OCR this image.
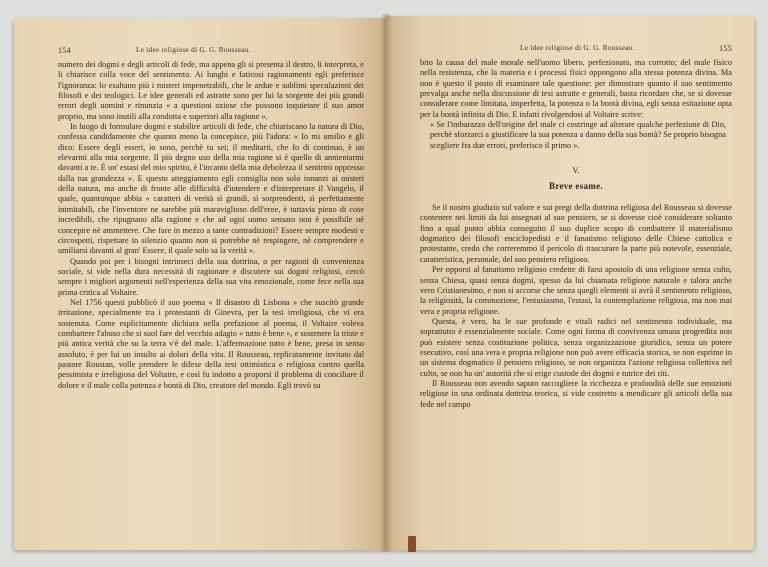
154	Le idee religiose di G. G. Rousseau.

numero dei dogmi e degli articoli di fede, ma appena gli si presenta il destro, li interpreta, e li chiarisce colla voce del sentimento. Ai lunghi e faticosi ragionamenti egli preferisce l'ignoranza: lo esaltano più i misteri impenetrabili, che le ardue e sublimi speculazioni dei filosofi e dei teologici. Le idee generali ed astratte sono per lui la sorgente dei più grandi errori degli uomini e rinunzia « a questioni oziose che possono inquietare il suo amor proprio, ma sono inutili alla condotta e superiori alla ragione ».

In luogo di formulare dogmi e stabilire articoli di fede, che chiariscano la natura di Dio, confessa candidamente che quanto meno la concepisce, più l'adora: « Io mi umilio e gli dico: Essere degli esseri, io sono, perchè tu sei; il meditarti, che fo di continuo, è un elevarmi alla mia sorgente. Il più degno uso della mia ragione si è quello di annientarmi davanti a te. È un' estasi del mio spirito, è l'incanto della mia debolezza il sentirmi oppresso dalla tua grandezza ». E questo atteggiamento egli consiglia non solo innanzi ai misteri della natura, ma anche di fronte alle difficoltà d'intendere e d'interpretare il Vangelo, il quale, quantunque abbia « caratteri di verità sì grandi, sì sorprendenti, sì perfettamente inimitabili, che l'inventore ne sarebbe più maraviglioso dell'eroe, è tuttavia pieno di cose incredibili, che ripugnano alla ragione e che ad ogni uomo sensato non è possibile nè concepire nè ammettere. Che fare in mezzo a tante contradizioni? Essere sempre modesti e circospetti, rispettare in silenzio quanto non si potrebbe nè respingere, nè comprendere e umiliarsi davanti al gran' Essere, il quale solo sa la verità ».

Quando poi per i bisogni intrinseci della sua dottrina, o per ragioni di convenienza sociale, si vide nella dura necessità di ragionare e discutere sui dogmi religiosi, cercò sempre i migliori argomenti nell'esperienza della sua vita emozionale, come fece nella sua prima critica al Voltaire.

Nel 1756 questi pubblicò il suo poema « Il disastro di Lisbona » che suscitò grande irritazione, specialmente tra i protestanti di Ginevra, per la tesi irreligiosa, che vi era sostenuta. Come esplicitamente dichiara nella prefazione al poema, il Voltaire voleva combattere l'abuso che si suol fare del vecchio adagio « tutto è bene », e sostenere la triste e più antica verità che su la terra v'è del male. L'affermazione tutto è bene, presa in senso assoluto, è per lui un insulto ai dolori della vita. Il Rousseau, replicatamente invitato dal pastore Roustan, volle prendere le difese della tesi ottimistica e religiosa contro quella pessimista e irreligiosa del Voltaire, e così fu indotto a proporsi il problema di conciliare il dolore e il male colla potenza e bontà di Dio, creatore del mondo. Egli trovò su

Le idee religiose di G. G. Rousseau.	155

bito la causa del male morale nell'uomo libero, perfezionato, ma corrotto; del male fisico nella resistenza, che la materia e i processi fisici oppongono alla stessa potenza divina. Ma non è questo il posto di esaminare tale questione: per dimostrare quanto il suo sentimento prevalga anche nella discussione di tesi astratte e generali, basta ricordare che, se si dovesse considerare come limitata, imperfetta, la potenza o la bontà divina, egli senza esitazione opta per la bontà infinita di Dio. E infatti rivolgendosi al Voltaire scrive:

« Se l'imbarazzo dell'origine del male ci costringe ad alterare qualche perfezione di Dio, perchè sforzarci a giustificare la sua potenza a danno della sua bontà? Se proprio bisogna scegliere fra due errori, preferisco il primo ».

V.
Breve esame.

Se il nostro giudizio sul valore e sui pregi della dottrina religiosa del Rousseau si dovesse contenere nei limiti da lui assegnati al suo pensiero, se si dovesse cioè considerare soltanto fino a qual punto abbia conseguito il suo duplice scopo di combattere il materialismo dogmatico dei filosofi enciclopedisti e il fanatismo religioso delle Chiese cattolica e protestante, credo che correremmo il pericolo di trascurare la parte più notevole, essenziale, caratteristica, personale, del suo pensiero religioso.

Per opporsi al fanatismo religioso credette di farsi apostolo di una religione senza culto, senza Chiesa, quasi senza dogmi, spesso da lui chiamata religione naturale e talora anche vero Cristianesimo, e non si accorse che senza quegli elementi si avrà il sentimento religioso, la religiosità, la commozione, l'entusiasmo, l'estasi, la contemplazione religiosa, ma non mai vera e propria religione.

Questa, è vero, ha le sue profonde e vitali radici nel sentimento individuale, ma soprattutto è essenzialmente sociale. Come ogni forma di convivenza umana progredita non può esistere senza costituzione politica, senza organizzazione giuridica, senza un potere esecutivo, così una vera e propria religione non può avere efficacia storica, se non esprime in un sistema dogmatico il pensiero religioso, se non organizza l'azione religiosa collettiva nel culto, se non ha un' autorità che si erige custode dei dogmi e tutrice dei riti.

Il Rousseau non avendo saputo raccogliere la ricchezza e profondità delle sue emozioni religiose in una ordinata dottrina teorica, si vide costretto a mendicare gli articoli della sua fede nel campo
